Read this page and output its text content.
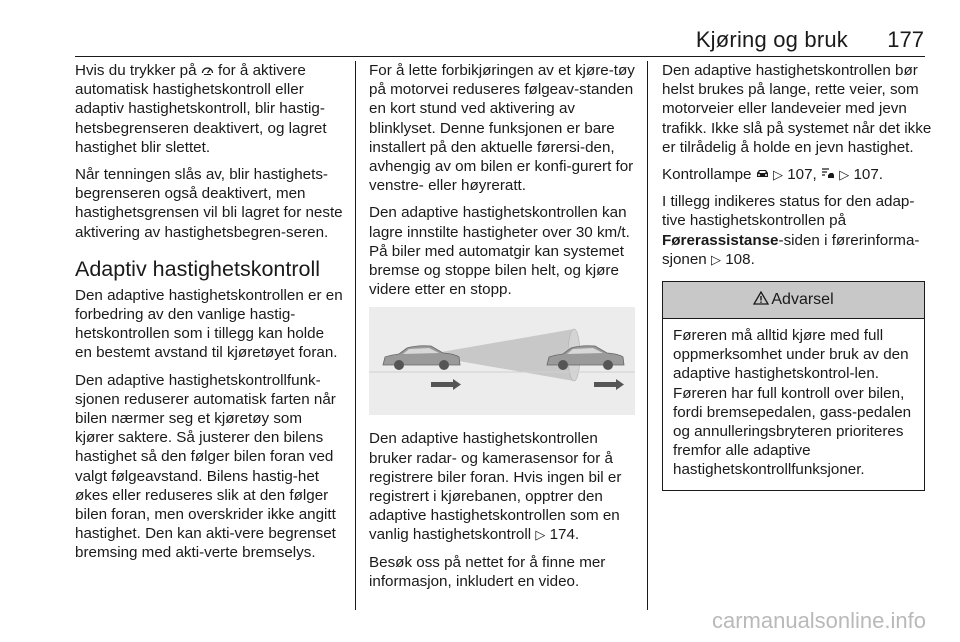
Kjøring og bruk 177

Hvis du trykker på  for å aktivere automatisk hastighetskontroll eller adaptiv hastighetskontroll, blir hastig-hetsbegrenseren deaktivert, og lagret hastighet blir slettet.

Når tenningen slås av, blir hastighets-begrenseren også deaktivert, men hastighetsgrensen vil bli lagret for neste aktivering av hastighetsbegren-seren.

Adaptiv hastighetskontroll

Den adaptive hastighetskontrollen er en forbedring av den vanlige hastig-hetskontrollen som i tillegg kan holde en bestemt avstand til kjøretøyet foran.

Den adaptive hastighetskontrollfunk-sjonen reduserer automatisk farten når bilen nærmer seg et kjøretøy som kjører saktere. Så justerer den bilens hastighet så den følger bilen foran ved valgt følgeavstand. Bilens hastig-het økes eller reduseres slik at den følger bilen foran, men overskrider ikke angitt hastighet. Den kan akti-vere begrenset bremsing med akti-verte bremselys.

For å lette forbikjøringen av et kjøre-tøy på motorvei reduseres følgeav-standen en kort stund ved aktivering av blinklyset. Denne funksjonen er bare installert på den aktuelle førersi-den, avhengig av om bilen er konfi-gurert for venstre- eller høyreratt.

Den adaptive hastighetskontrollen kan lagre innstilte hastigheter over 30 km/t. På biler med automatgir kan systemet bremse og stoppe bilen helt, og kjøre videre etter en stopp.

Den adaptive hastighetskontrollen bruker radar- og kamerasensor for å registrere biler foran. Hvis ingen bil er registrert i kjørebanen, opptrer den adaptive hastighetskontrollen som en vanlig hastighetskontroll ▷ 174.

Besøk oss på nettet for å finne mer informasjon, inkludert en video.

Den adaptive hastighetskontrollen bør helst brukes på lange, rette veier, som motorveier eller landeveier med jevn trafikk. Ikke slå på systemet når det ikke er tilrådelig å holde en jevn hastighet.

Kontrollampe  ▷ 107,  ▷ 107.

I tillegg indikeres status for den adap-tive hastighetskontrollen på Førerassistanse-siden i førerinforma-sjonen ▷ 108.

Advarsel
Føreren må alltid kjøre med full oppmerksomhet under bruk av den adaptive hastighetskontrol-len. Føreren har full kontroll over bilen, fordi bremsepedalen, gass-pedalen og annulleringsbryteren prioriteres fremfor alle adaptive hastighetskontrollfunksjoner.
carmanualsonline.info
